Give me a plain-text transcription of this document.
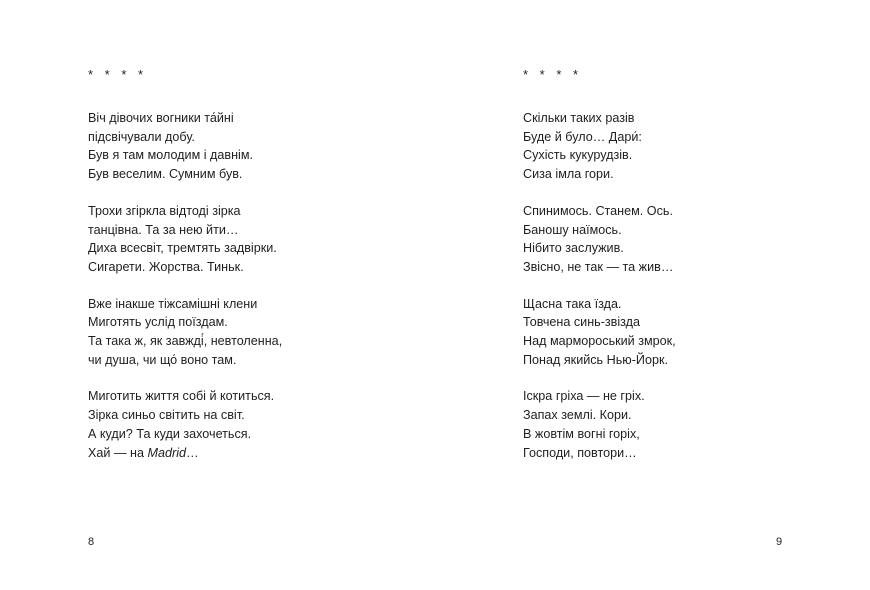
* * * *
Віч дівочих вогники та́йні
підсвічували добу.
Був я там молодим і давнім.
Був веселим. Сумним був.
Трохи згіркла відтоді зірка
танцівна. Та за нею йти…
Диха всесвіт, тремтять задвірки.
Сигарети. Жорства. Тиньк.
Вже інакше тіжсамішні клени
Миготять услід поїздам.
Та така ж, як завжді́, невтоленна,
чи душа, чи що́ воно там.
Миготить життя собі й котиться.
Зірка синьо світить на світ.
А куди? Та куди захочеться.
Хай — на Madrid…
8
* * * *
Скільки таких разів
Буде й було… Дари́:
Сухість кукурудзів.
Сиза імла гори.
Спинимось. Станем. Ось.
Баношу наїмось.
Нібито заслужив.
Звісно, не так — та жив…
Щасна така їзда.
Товчена синь-звізда
Над мармороський змрок,
Понад якийсь Нью-Йорк.
Іскра гріха — не гріх.
Запах землі. Кори.
В жовтім вогні горіх,
Господи, повтори…
9
